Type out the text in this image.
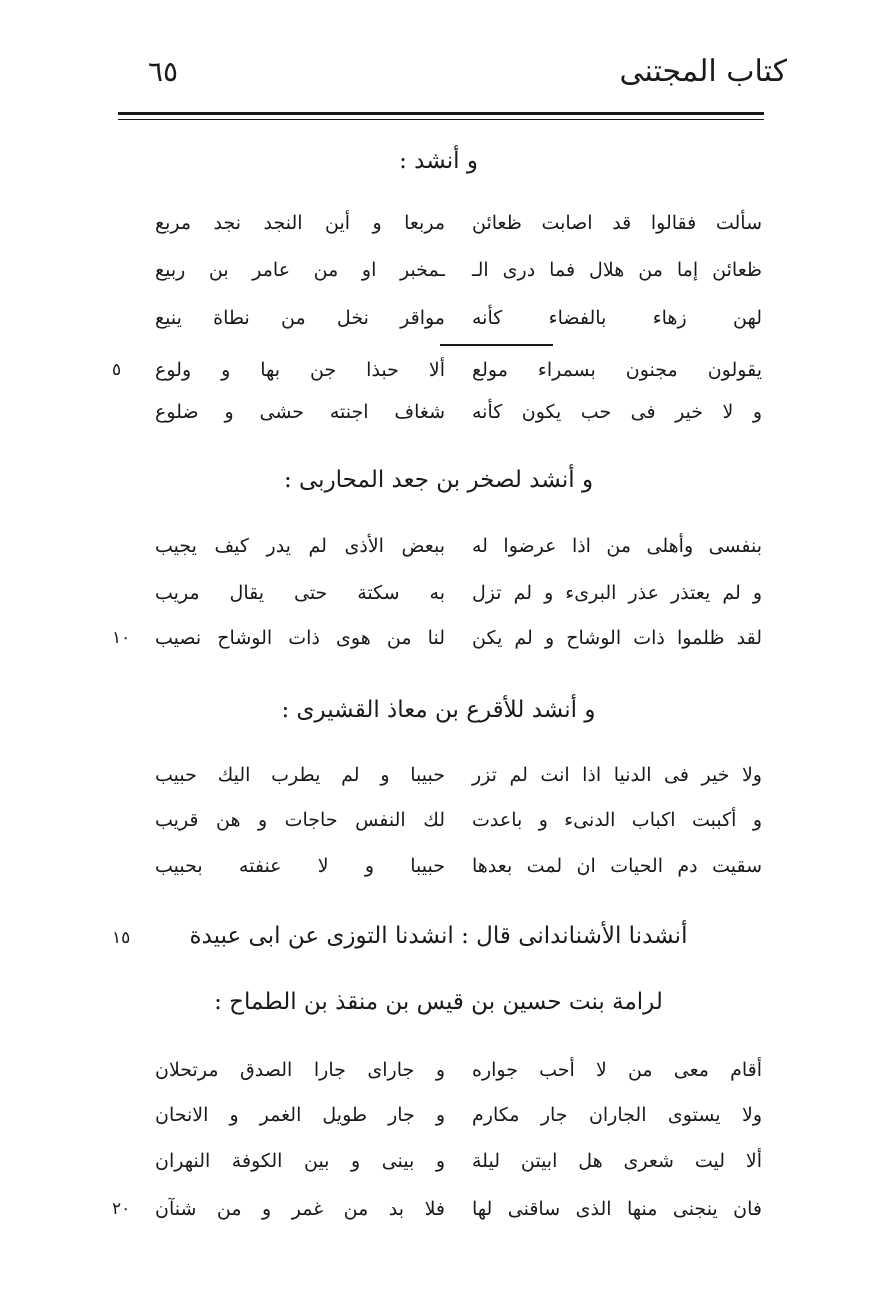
كتاب المجتنى
٦٥
و أنشد :
سألت فقالوا قد اصابت ظعائن
مربعا و أين النجد نجد مربع
ظعائن إما من هلال فما درى الـ
ـمخبر او من عامر بن ربيع
لهن زهاء بالفضاء كأنه
مواقر نخل من نطاة ينيع
يقولون مجنون بسمراء مولع
ألا حبذا جن بها و ولوع
٥
و لا خير فى حب يكون كأنه
شغاف اجنته حشى و ضلوع
و أنشد لصخر بن جعد المحاربى :
بنفسى وأهلى من اذا عرضوا له
ببعض الأذى لم يدر كيف يجيب
و لم يعتذر عذر البرىء و لم تزل
به سكتة حتى يقال مريب
لقد ظلموا ذات الوشاح و لم يكن
لنا من هوى ذات الوشاح نصيب
١٠
و أنشد للأقرع بن معاذ القشيرى :
ولا خير فى الدنيا اذا انت لم تزر
حبيبا و لم يطرب اليك حبيب
و أكببت اكباب الدنىء و باعدت
لك النفس حاجات و هن قريب
سقيت دم الحيات ان لمت بعدها
حبيبا و لا عنفته بحبيب
أنشدنا الأشناندانى قال : انشدنا التوزى عن ابى عبيدة
١٥
لرامة بنت حسين بن قيس بن منقذ بن الطماح :
أقام معى من لا أحب جواره
و جاراى جارا الصدق مرتحلان
ولا يستوى الجاران جار مكارم
و جار طويل الغمر و الانحان
ألا ليت شعرى هل ابيتن ليلة
و بينى و بين الكوفة النهران
فان ينجنى منها الذى ساقنى لها
فلا بد من غمر و من شنآن
٢٠
